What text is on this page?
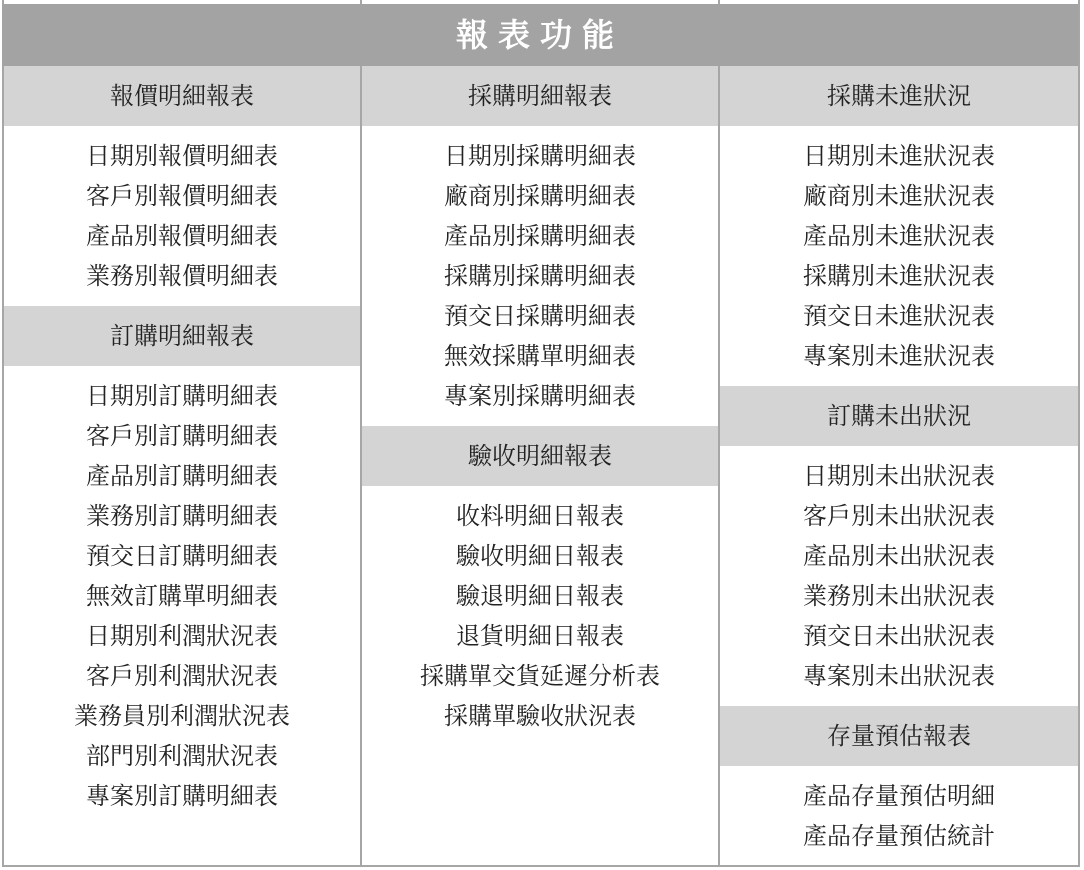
報表功能
報價明細報表
日期別報價明細表
客戶別報價明細表
產品別報價明細表
業務別報價明細表
訂購明細報表
日期別訂購明細表
客戶別訂購明細表
產品別訂購明細表
業務別訂購明細表
預交日訂購明細表
無效訂購單明細表
日期別利潤狀況表
客戶別利潤狀況表
業務員別利潤狀況表
部門別利潤狀況表
專案別訂購明細表
採購明細報表
日期別採購明細表
廠商別採購明細表
產品別採購明細表
採購別採購明細表
預交日採購明細表
無效採購單明細表
專案別採購明細表
驗收明細報表
收料明細日報表
驗收明細日報表
驗退明細日報表
退貨明細日報表
採購單交貨延遲分析表
採購單驗收狀況表
採購未進狀況
日期別未進狀況表
廠商別未進狀況表
產品別未進狀況表
採購別未進狀況表
預交日未進狀況表
專案別未進狀況表
訂購未出狀況
日期別未出狀況表
客戶別未出狀況表
產品別未出狀況表
業務別未出狀況表
預交日未出狀況表
專案別未出狀況表
存量預估報表
產品存量預估明細
產品存量預估統計
